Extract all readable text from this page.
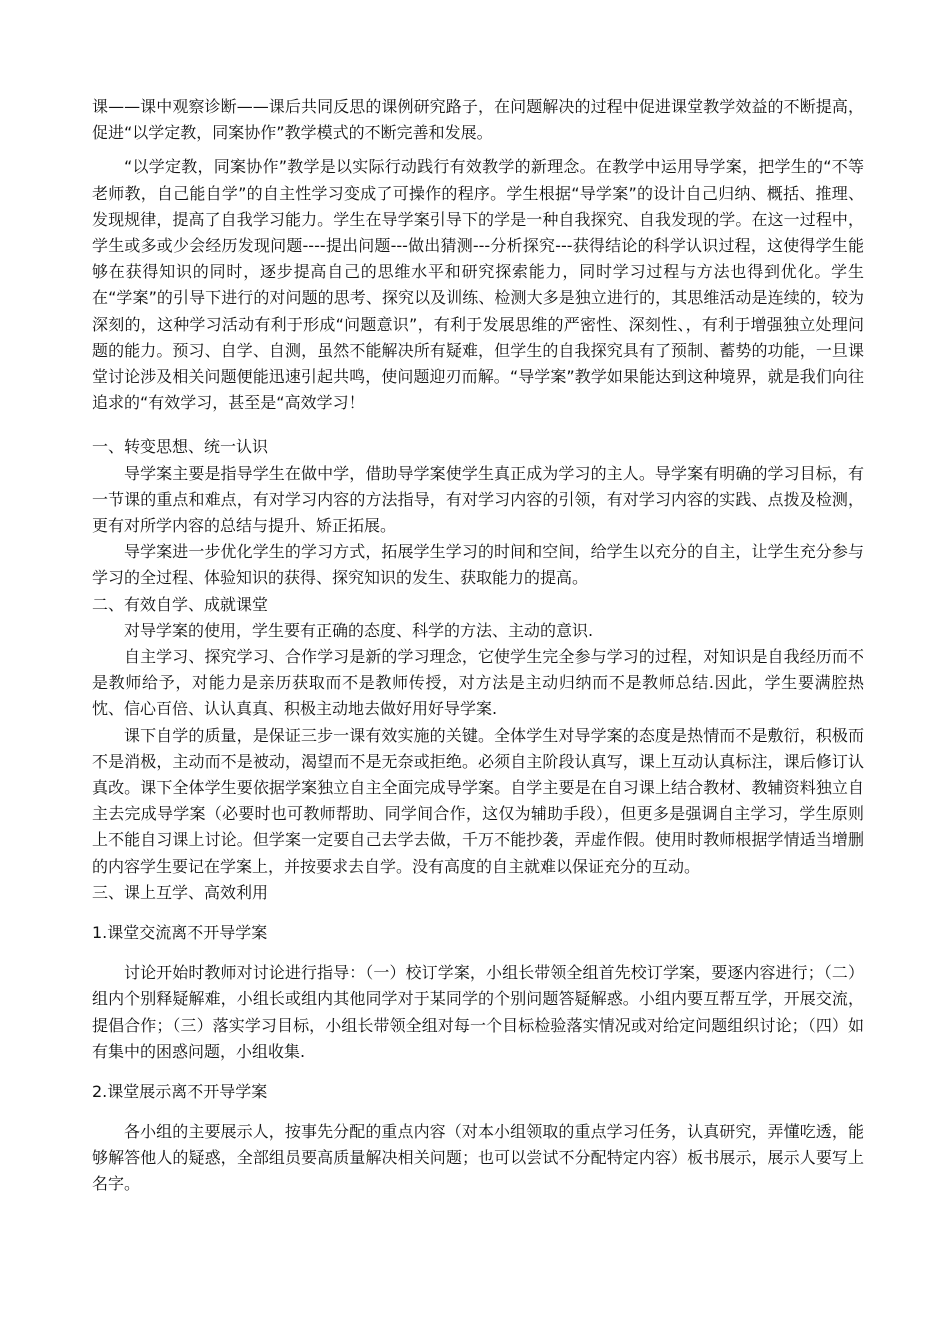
课——课中观察诊断——课后共同反思的课例研究路子，在问题解决的过程中促进课堂教学效益的不断提高，促进“以学定教，同案协作”教学模式的不断完善和发展。

“以学定教，同案协作”教学是以实际行动践行有效教学的新理念。在教学中运用导学案，把学生的“不等老师教，自己能自学”的自主性学习变成了可操作的程序。学生根据“导学案”的设计自己归纳、概括、推理、发现规律，提高了自我学习能力。学生在导学案引导下的学是一种自我探究、自我发现的学。在这一过程中，学生或多或少会经历发现问题----提出问题---做出猜测---分析探究---获得结论的科学认识过程，这使得学生能够在获得知识的同时，逐步提高自己的思维水平和研究探索能力，同时学习过程与方法也得到优化。学生在“学案”的引导下进行的对问题的思考、探究以及训练、检测大多是独立进行的，其思维活动是连续的，较为深刻的，这种学习活动有利于形成“问题意识”，有利于发展思维的严密性、深刻性、，有利于增强独立处理问题的能力。预习、自学、自测，虽然不能解决所有疑难，但学生的自我探究具有了预制、蓄势的功能，一旦课堂讨论涉及相关问题便能迅速引起共鸣，使问题迎刃而解。“导学案”教学如果能达到这种境界，就是我们向往追求的“有效学习，甚至是“高效学习！

一、转变思想、统一认识

导学案主要是指导学生在做中学，借助导学案使学生真正成为学习的主人。导学案有明确的学习目标，有一节课的重点和难点，有对学习内容的方法指导，有对学习内容的引领，有对学习内容的实践、点拨及检测，更有对所学内容的总结与提升、矫正拓展。

导学案进一步优化学生的学习方式，拓展学生学习的时间和空间，给学生以充分的自主，让学生充分参与学习的全过程、体验知识的获得、探究知识的发生、获取能力的提高。

二、有效自学、成就课堂

对导学案的使用，学生要有正确的态度、科学的方法、主动的意识.

自主学习、探究学习、合作学习是新的学习理念，它使学生完全参与学习的过程，对知识是自我经历而不是教师给予，对能力是亲历获取而不是教师传授，对方法是主动归纳而不是教师总结.因此，学生要满腔热忱、信心百倍、认认真真、积极主动地去做好用好导学案.

课下自学的质量，是保证三步一课有效实施的关键。全体学生对导学案的态度是热情而不是敷衍，积极而不是消极，主动而不是被动，渴望而不是无奈或拒绝。必须自主阶段认真写，课上互动认真标注，课后修订认真改。课下全体学生要依据学案独立自主全面完成导学案。自学主要是在自习课上结合教材、教辅资料独立自主去完成导学案（必要时也可教师帮助、同学间合作，这仅为辅助手段），但更多是强调自主学习，学生原则上不能自习课上讨论。但学案一定要自己去学去做，千万不能抄袭，弄虚作假。使用时教师根据学情适当增删的内容学生要记在学案上，并按要求去自学。没有高度的自主就难以保证充分的互动。

三、课上互学、高效利用

1.课堂交流离不开导学案

讨论开始时教师对讨论进行指导：（一）校订学案，小组长带领全组首先校订学案，要逐内容进行；（二）组内个别释疑解难，小组长或组内其他同学对于某同学的个别问题答疑解惑。小组内要互帮互学，开展交流，提倡合作；（三）落实学习目标，小组长带领全组对每一个目标检验落实情况或对给定问题组织讨论；（四）如有集中的困惑问题，小组收集.

2.课堂展示离不开导学案

各小组的主要展示人，按事先分配的重点内容（对本小组领取的重点学习任务，认真研究，弄懂吃透，能够解答他人的疑惑，全部组员要高质量解决相关问题；也可以尝试不分配特定内容）板书展示，展示人要写上名字。
